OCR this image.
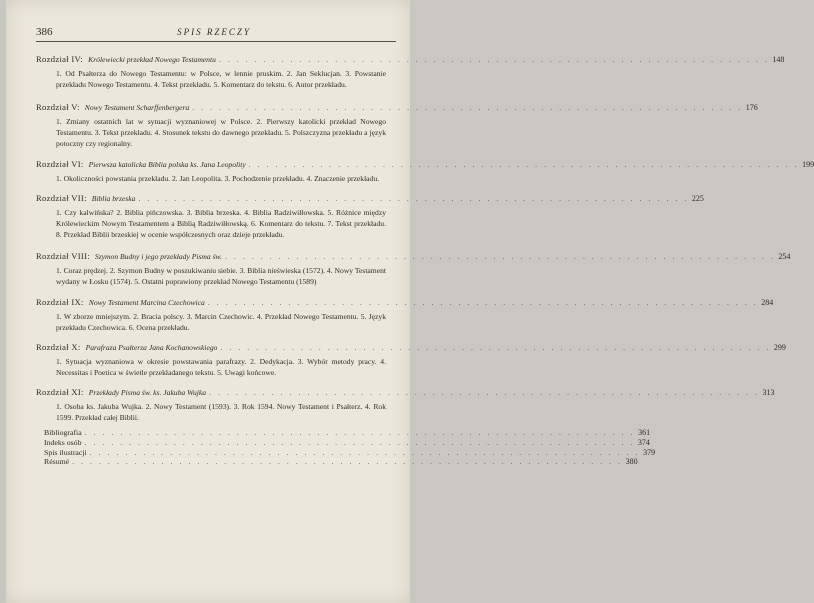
386	SPIS RZECZY
Rozdział IV: Królewiecki przekład Nowego Testamentu . . . . . . . . . . . . . . . . . . . . . . . . . . . . . . . . . . . . . . . . . . . . . . . . . . . . . . . . . . . . . . 148
1. Od Psałterza do Nowego Testamentu: w Polsce, w lennie pruskim. 2. Jan Seklucjan. 3. Powstanie przekładu Nowego Testamentu. 4. Tekst przekładu. 5. Komentarz do tekstu. 6. Autor przekładu.
Rozdział V: Nowy Testament Scharffenbergera . . . . . . . . . . . . . . . . . . . . . . . . . . . . . . . . . . . . . . . . . . . . . . . . . . . . . . . . . . . . . . 176
1. Zmiany ostatnich lat w sytuacji wyznaniowej w Polsce. 2. Pierwszy katolicki przekład Nowego Testamentu. 3. Tekst przekładu. 4. Stosunek tekstu do dawnego przekładu. 5. Polszczyzna przekładu a język potoczny czy regionalny.
Rozdział VI: Pierwsza katolicka Biblia polska ks. Jana Leopolity . . . . . . . . . . . . . . . . . . . . . . . . . . . . . . . . . . . . . . . . . . . . . . . . . . . . . . . . . . . . . . 199
1. Okoliczności powstania przekładu. 2. Jan Leopolita. 3. Pochodzenie przekładu. 4. Znaczenie przekładu.
Rozdział VII: Biblia brzeska . . . . . . . . . . . . . . . . . . . . . . . . . . . . . . . . . . . . . . . . . . . . . . . . . . . . . . . . . . . . . . 225
1. Czy kalwińska? 2. Biblia pińczowska. 3. Biblia brzeska. 4. Biblia Radziwiłłowska. 5. Różnice między Królewieckim Nowym Testamentem a Biblią Radziwiłłowską. 6. Komentarz do tekstu. 7. Tekst przekładu. 8. Przekład Biblii brzeskiej w ocenie współczesnych oraz dzieje przekładu.
Rozdział VIII: Szymon Budny i jego przekłady Pisma św. . . . . . . . . . . . . . . . . . . . . . . . . . . . . . . . . . . . . . . . . . . . . . . . . . . . . . . . . . . . . . . 254
1. Coraz prędzej. 2. Szymon Budny w poszukiwaniu siebie. 3. Biblia nieświeska (1572). 4. Nowy Testament wydany w Łosku (1574). 5. Ostatni poprawiony przekład Nowego Testamentu (1589)
Rozdział IX: Nowy Testament Marcina Czechowica . . . . . . . . . . . . . . . . . . . . . . . . . . . . . . . . . . . . . . . . . . . . . . . . . . . . . . . . . . . . . . 284
1. W zborze mniejszym. 2. Bracia polscy. 3. Marcin Czechowic. 4. Przekład Nowego Testamentu. 5. Język przekładu Czechowica. 6. Ocena przekładu.
Rozdział X: Parafraza Psałterza Jana Kochanowskiego . . . . . . . . . . . . . . . . . . . . . . . . . . . . . . . . . . . . . . . . . . . . . . . . . . . . . . . . . . . . . . 299
1. Sytuacja wyznaniowa w okresie powstawania parafrazy. 2. Dedykacja. 3. Wybór metody pracy. 4. Necessitas i Poetica w świetle przekładanego tekstu. 5. Uwagi końcowe.
Rozdział XI: Przekłady Pisma św. ks. Jakuba Wujka . . . . . . . . . . . . . . . . . . . . . . . . . . . . . . . . . . . . . . . . . . . . . . . . . . . . . . . . . . . . . . 313
1. Osoba ks. Jakuba Wujka. 2. Nowy Testament (1593). 3. Rok 1594. Nowy Testament i Psałterz. 4. Rok 1599. Przekład całej Biblii.
Bibliografia . . . . . . . . . . . . . . . . . . . . . . . . . . . . . . . . . . . . . . . . . . . . . . . . . . . . . . . . . . . . . . 361
Indeks osób . . . . . . . . . . . . . . . . . . . . . . . . . . . . . . . . . . . . . . . . . . . . . . . . . . . . . . . . . . . . . . 374
Spis ilustracji . . . . . . . . . . . . . . . . . . . . . . . . . . . . . . . . . . . . . . . . . . . . . . . . . . . . . . . . . . . . . . 379
Résumé . . . . . . . . . . . . . . . . . . . . . . . . . . . . . . . . . . . . . . . . . . . . . . . . . . . . . . . . . . . . . . 380
